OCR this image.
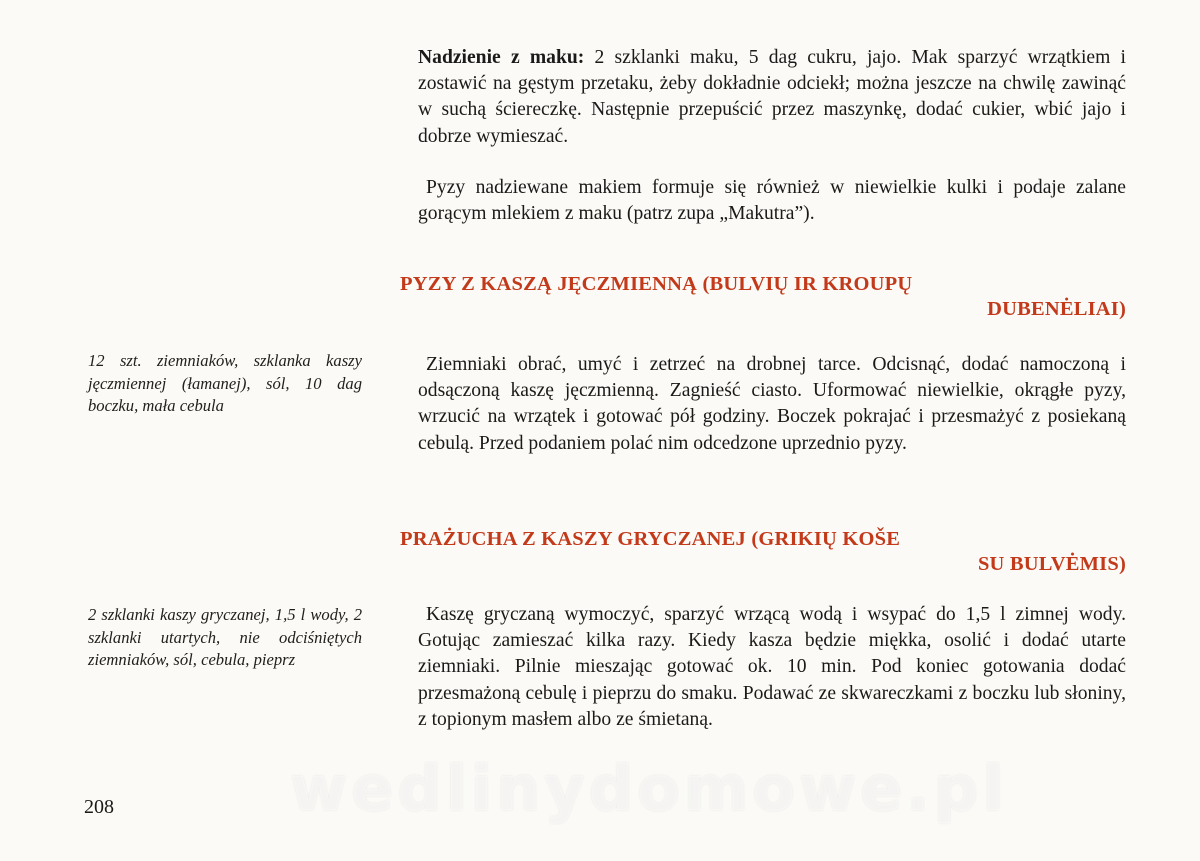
Nadzienie z maku: 2 szklanki maku, 5 dag cukru, jajo. Mak sparzyć wrzątkiem i zostawić na gęstym przetaku, żeby dokładnie odciekł; można jeszcze na chwilę zawinąć w suchą ściereczkę. Następnie przepuścić przez maszynkę, dodać cukier, wbić jajo i dobrze wymieszać.

Pyzy nadziewane makiem formuje się również w niewielkie kulki i podaje zalane gorącym mlekiem z maku (patrz zupa „Makutra”).

PYZY Z KASZĄ JĘCZMIENNĄ (BULVIŲ IR KROUPŲ
DUBENĖLIAI)
12 szt. ziemniaków, szklanka kaszy jęczmiennej (łamanej), sól, 10 dag boczku, mała cebula

Ziemniaki obrać, umyć i zetrzeć na drobnej tarce. Odcisnąć, dodać namoczoną i odsączoną kaszę jęczmienną. Zagnieść ciasto. Uformować niewielkie, okrągłe pyzy, wrzucić na wrzątek i gotować pół godziny. Boczek pokrajać i przesmażyć z posiekaną cebulą. Przed podaniem polać nim odcedzone uprzednio pyzy.

PRAŻUCHA Z KASZY GRYCZANEJ (GRIKIŲ KOŠE
SU BULVĖMIS)
2 szklanki kaszy gryczanej, 1,5 l wody, 2 szklanki utartych, nie odciśniętych ziemniaków, sól, cebula, pieprz

Kaszę gryczaną wymoczyć, sparzyć wrzącą wodą i wsypać do 1,5 l zimnej wody. Gotując zamieszać kilka razy. Kiedy kasza będzie miękka, osolić i dodać utarte ziemniaki. Pilnie mieszając gotować ok. 10 min. Pod koniec gotowania dodać przesmażoną cebulę i pieprzu do smaku. Podawać ze skwareczkami z boczku lub słoniny, z topionym masłem albo ze śmietaną.

wedlinydomowe.pl
208
